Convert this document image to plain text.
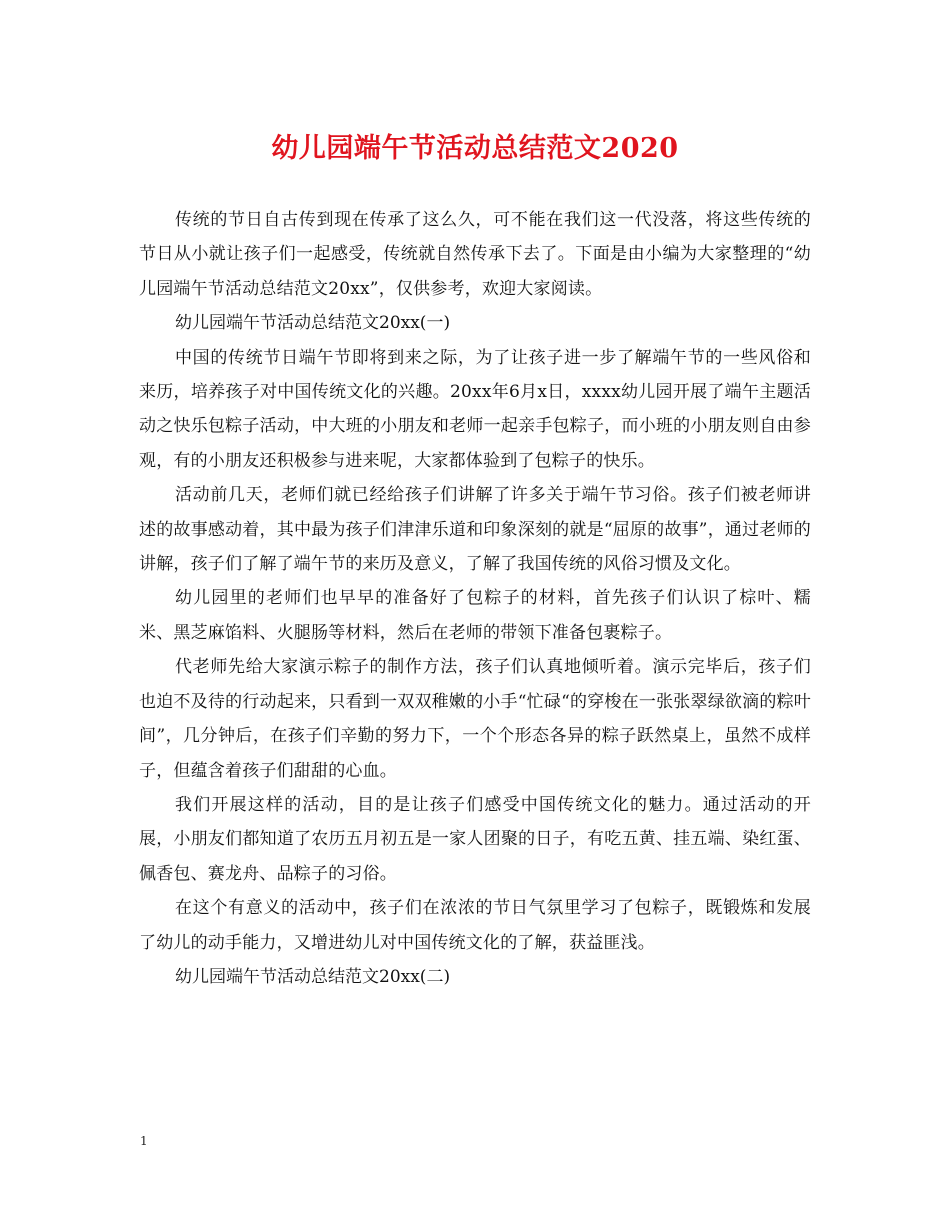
幼儿园端午节活动总结范文2020

传统的节日自古传到现在传承了这么久，可不能在我们这一代没落，将这些传统的节日从小就让孩子们一起感受，传统就自然传承下去了。下面是由小编为大家整理的“幼儿园端午节活动总结范文20xx”，仅供参考，欢迎大家阅读。

幼儿园端午节活动总结范文20xx(一)

中国的传统节日端午节即将到来之际，为了让孩子进一步了解端午节的一些风俗和来历，培养孩子对中国传统文化的兴趣。20xx年6月x日，xxxx幼儿园开展了端午主题活动之快乐包粽子活动，中大班的小朋友和老师一起亲手包粽子，而小班的小朋友则自由参观，有的小朋友还积极参与进来呢，大家都体验到了包粽子的快乐。

活动前几天，老师们就已经给孩子们讲解了许多关于端午节习俗。孩子们被老师讲述的故事感动着，其中最为孩子们津津乐道和印象深刻的就是“屈原的故事”，通过老师的讲解，孩子们了解了端午节的来历及意义，了解了我国传统的风俗习惯及文化。

幼儿园里的老师们也早早的准备好了包粽子的材料，首先孩子们认识了棕叶、糯米、黑芝麻馅料、火腿肠等材料，然后在老师的带领下准备包裹粽子。

代老师先给大家演示粽子的制作方法，孩子们认真地倾听着。演示完毕后，孩子们也迫不及待的行动起来，只看到一双双稚嫩的小手“忙碌“的穿梭在一张张翠绿欲滴的粽叶间”，几分钟后，在孩子们辛勤的努力下，一个个形态各异的粽子跃然桌上，虽然不成样子，但蕴含着孩子们甜甜的心血。

我们开展这样的活动，目的是让孩子们感受中国传统文化的魅力。通过活动的开展，小朋友们都知道了农历五月初五是一家人团聚的日子，有吃五黄、挂五端、染红蛋、佩香包、赛龙舟、品粽子的习俗。

在这个有意义的活动中，孩子们在浓浓的节日气氛里学习了包粽子，既锻炼和发展了幼儿的动手能力，又增进幼儿对中国传统文化的了解，获益匪浅。

幼儿园端午节活动总结范文20xx(二)

1
